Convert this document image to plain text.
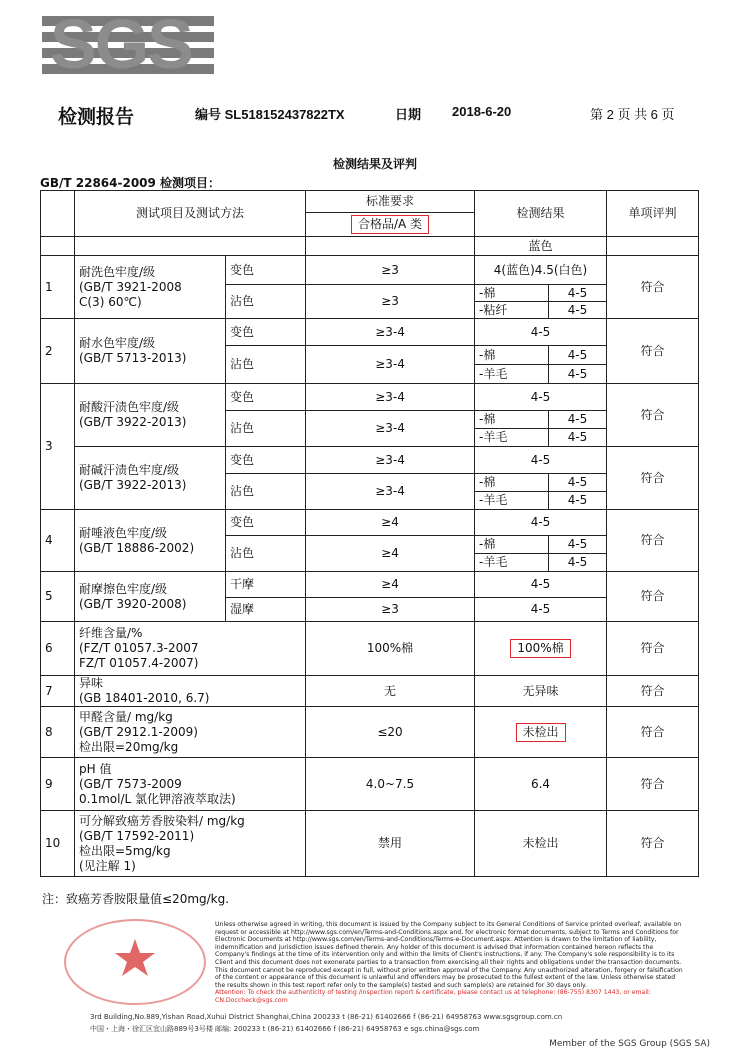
SGS
检测报告	编号 SL518152437822TX	日期 2018-6-20	第 2 页 共 6 页
检测结果及评判
GB/T 22864-2009 检测项目：
	测试项目及测试方法		标准要求	检测结果		单项评判
			合格品/A 类			
				蓝色		
1	耐洗色牢度/级
(GB/T 3921-2008
C(3) 60℃)	变色	≥3	4(蓝色)4.5(白色)		符合
		沾色	≥3	-棉	4-5	
				-粘纤	4-5	
2	耐水色牢度/级
(GB/T 5713-2013)	变色	≥3-4	4-5		符合
		沾色	≥3-4	-棉	4-5	
				-羊毛	4-5	
3	耐酸汗渍色牢度/级
(GB/T 3922-2013)	变色	≥3-4	4-5		符合
		沾色	≥3-4	-棉	4-5	
				-羊毛	4-5	

	耐碱汗渍色牢度/级
(GB/T 3922-2013)	变色	≥3-4	4-5		符合
		沾色	≥3-4	-棉	4-5	
				-羊毛	4-5	
4	耐唾液色牢度/级
(GB/T 18886-2002)	变色	≥4	4-5		符合
		沾色	≥4	-棉	4-5	
				-羊毛	4-5	
5	耐摩擦色牢度/级
(GB/T 3920-2008)	干摩	≥4	4-5		符合
		湿摩	≥3	4-5		
6	纤维含量/%
(FZ/T 01057.3-2007
FZ/T 01057.4-2007)		100%棉	100%棉		符合
7	异味
(GB 18401-2010, 6.7)		无	无异味		符合
8	甲醛含量/ mg/kg
(GB/T 2912.1-2009)
检出限=20mg/kg		≤20	未检出		符合
9	pH 值
(GB/T 7573-2009
0.1mol/L 氯化钾溶液萃取法)		4.0~7.5	6.4		符合
10	可分解致癌芳香胺染料/ mg/kg
(GB/T 17592-2011)
检出限=5mg/kg
(见注解 1)		禁用	未检出		符合
注：致癌芳香胺限量值≤20mg/kg.
Unless otherwise agreed in writing, this document is issued by the Company subject to its General Conditions of Service printed overleaf, available on request or accessible at http://www.sgs.com/en/Terms-and-Conditions.aspx and, for electronic format documents, subject to Terms and Conditions for Electronic Documents at http://www.sgs.com/en/Terms-and-Conditions/Terms-e-Document.aspx. Attention is drawn to the limitation of liability, indemnification and jurisdiction issues defined therein. Any holder of this document is advised that information contained hereon reflects the Company's findings at the time of its intervention only and within the limits of Client's instructions, if any. The Company's sole responsibility is to its Client and this document does not exonerate parties to a transaction from exercising all their rights and obligations under the transaction documents. This document cannot be reproduced except in full, without prior written approval of the Company. Any unauthorized alteration, forgery or falsification of the content or appearance of this document is unlawful and offenders may be prosecuted to the fullest extent of the law. Unless otherwise stated the results shown in this test report refer only to the sample(s) tested and such sample(s) are retained for 30 days only.
Attention: To check the authenticity of testing /inspection report & certificate, please contact us at telephone: (86-755) 8307 1443, or email: CN.Doccheck@sgs.com
3rd Building,No.889,Yishan Road,Xuhui District Shanghai,China 200233 t (86-21) 61402666 f (86-21) 64958763 www.sgsgroup.com.cn
中国・上海・徐汇区宜山路889号3号楼 邮编: 200233 t (86-21) 61402666 f (86-21) 64958763 e sgs.china@sgs.com
Member of the SGS Group (SGS SA)
